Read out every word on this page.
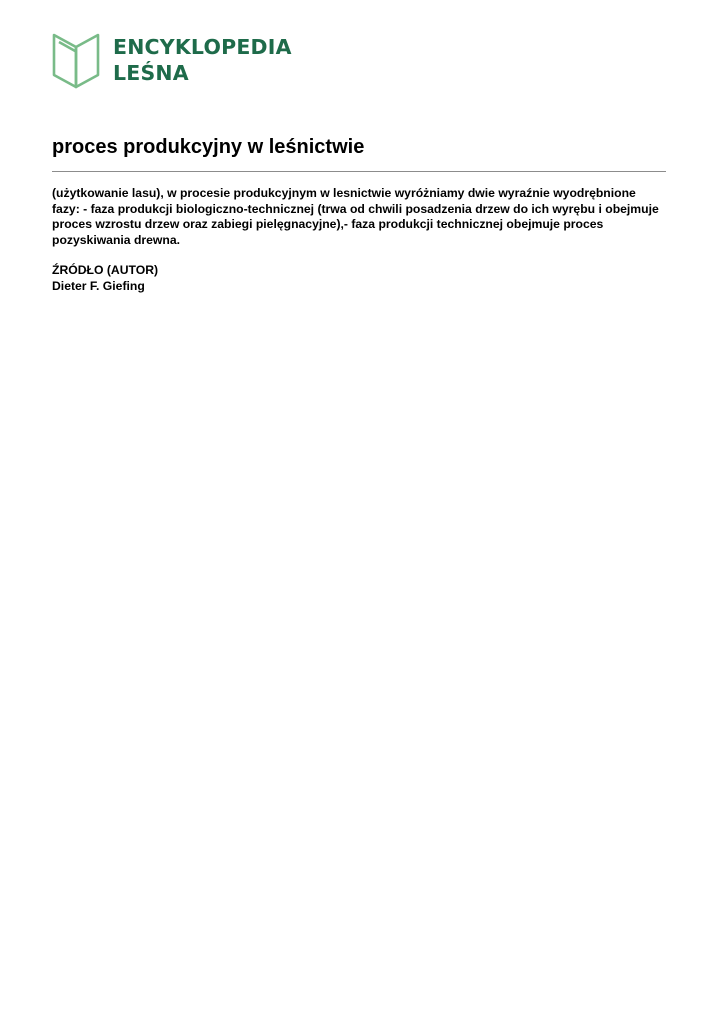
ENCYKLOPEDIA
LEŚNA
proces produkcyjny w leśnictwie

(użytkowanie lasu), w procesie produkcyjnym w lesnictwie wyróżniamy dwie wyraźnie wyodrębnione fazy: - faza produkcji biologiczno-technicznej (trwa od chwili posadzenia drzew do ich wyrębu i obejmuje proces wzrostu drzew oraz zabiegi pielęgnacyjne),- faza produkcji technicznej obejmuje proces pozyskiwania drewna.

ŹRÓDŁO (AUTOR)
Dieter F. Giefing
